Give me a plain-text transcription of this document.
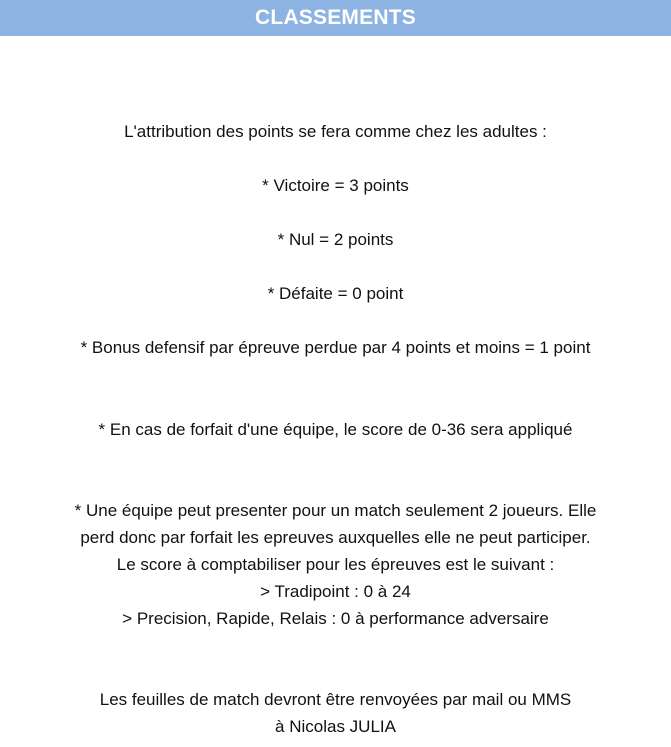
CLASSEMENTS
L'attribution des points se fera comme chez les adultes :
* Victoire = 3 points
* Nul = 2 points
* Défaite = 0 point
* Bonus defensif par épreuve perdue par 4 points et moins = 1 point
* En cas de forfait d'une équipe, le score de 0-36 sera appliqué
* Une équipe peut presenter pour un match seulement 2 joueurs. Elle
perd donc par forfait les epreuves auxquelles elle ne peut participer.
Le score à comptabiliser pour les épreuves est le suivant :
> Tradipoint : 0 à 24
> Precision, Rapide, Relais : 0 à performance adversaire
Les feuilles de match devront être renvoyées par mail ou MMS
à Nicolas JULIA
